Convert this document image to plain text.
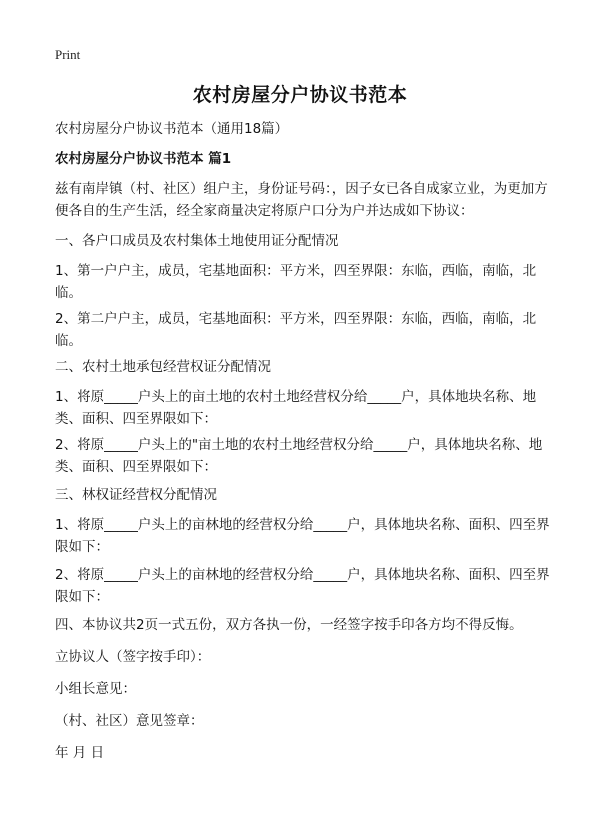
Print
农村房屋分户协议书范本
农村房屋分户协议书范本（通用18篇）
农村房屋分户协议书范本 篇1
兹有南岸镇（村、社区）组户主，身份证号码：，因子女已各自成家立业，为更加方便各自的生产生活，经全家商量决定将原户口分为户并达成如下协议：
一、各户口成员及农村集体土地使用证分配情况
1、第一户户主，成员，宅基地面积：平方米，四至界限：东临，西临，南临，北临。
2、第二户户主，成员，宅基地面积：平方米，四至界限：东临，西临，南临，北临。
二、农村土地承包经营权证分配情况
1、将原_____户头上的亩土地的农村土地经营权分给_____户，具体地块名称、地类、面积、四至界限如下：
2、将原_____户头上的"亩土地的农村土地经营权分给_____户，具体地块名称、地类、面积、四至界限如下：
三、林权证经营权分配情况
1、将原_____户头上的亩林地的经营权分给_____户，具体地块名称、面积、四至界限如下：
2、将原_____户头上的亩林地的经营权分给_____户，具体地块名称、面积、四至界限如下：
四、本协议共2页一式五份，双方各执一份，一经签字按手印各方均不得反悔。
立协议人（签字按手印）：
小组长意见：
（村、社区）意见签章：
年 月 日
